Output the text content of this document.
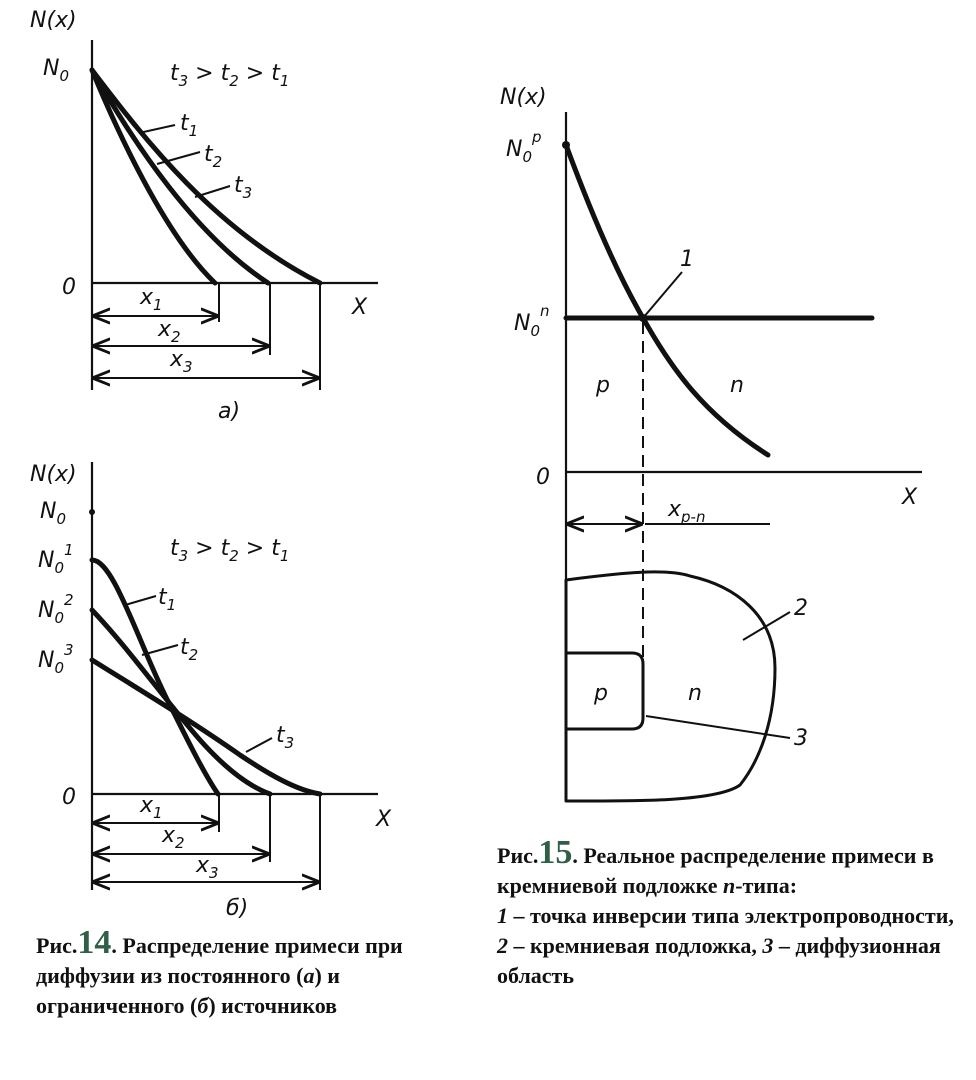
N(x)
$N_0$
0
X
$t_3 > t_2 > t_1$
$t_1$
$t_2$
$t_3$
$x_1$
$x_2$
$x_3$
a)
N(x)
$N_0$
$N_0^1$
$N_0^2$
$N_0^3$
0
X
$t_3 > t_2 > t_1$
$t_1$
$t_2$
$t_3$
$x_1$
$x_2$
$x_3$
б)
N(x)
$N_0^p$
$N_0^n$
0
X
1
p	n
$x_{p-n}$
2
3
p	n
Рис.14. Распределение примеси при диффузии из постоянного (а) и ограниченного (б) источников
Рис.15. Реальное распределение примеси в кремниевой подложке n-типа:
1 – точка инверсии типа электропроводности, 2 – кремниевая подложка, 3 – диффузионная область
